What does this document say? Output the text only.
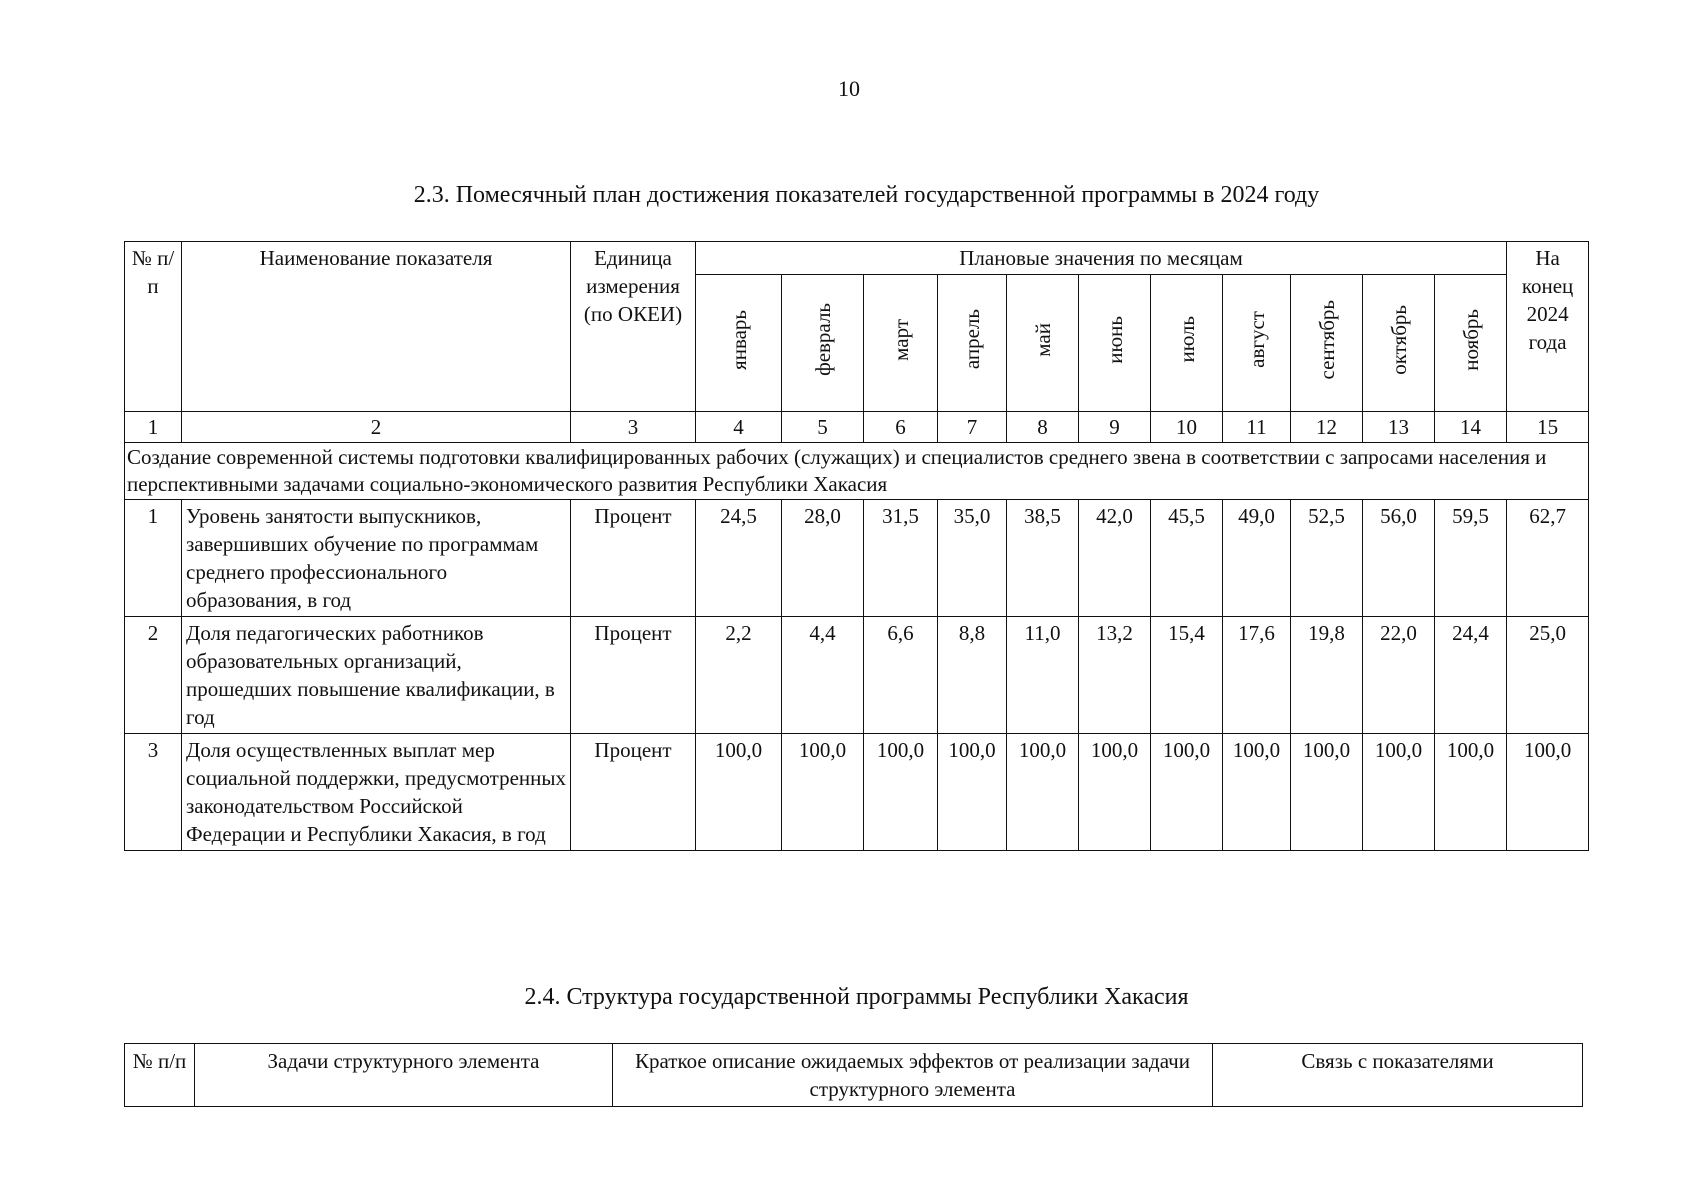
10
2.3. Помесячный план достижения показателей государственной программы в 2024 году
№ п/п	Наименование показателя	Единица измерения (по ОКЕИ)	Плановые значения по месяцам											На конец 2024 года
			январь	февраль	март	апрель	май	июнь	июль	август	сентябрь	октябрь	ноябрь	
1	2	3	4	5	6	7	8	9	10	11	12	13	14	15
Создание современной системы подготовки квалифицированных рабочих (служащих) и специалистов среднего звена в соответствии с запросами населения и перспективными задачами социально-экономического развития Республики Хакасия														
1	Уровень занятости выпускников, завершивших обучение по программам среднего профессионального образования, в год	Процент	24,5	28,0	31,5	35,0	38,5	42,0	45,5	49,0	52,5	56,0	59,5	62,7
2	Доля педагогических работников образовательных организаций, прошедших повышение квалификации, в год	Процент	2,2	4,4	6,6	8,8	11,0	13,2	15,4	17,6	19,8	22,0	24,4	25,0
3	Доля осуществленных выплат мер социальной поддержки, предусмотренных законодательством Российской Федерации и Республики Хакасия, в год	Процент	100,0	100,0	100,0	100,0	100,0	100,0	100,0	100,0	100,0	100,0	100,0	100,0
2.4. Структура государственной программы Республики Хакасия
№ п/п	Задачи структурного элемента	Краткое описание ожидаемых эффектов от реализации задачи структурного элемента	Связь с показателями
